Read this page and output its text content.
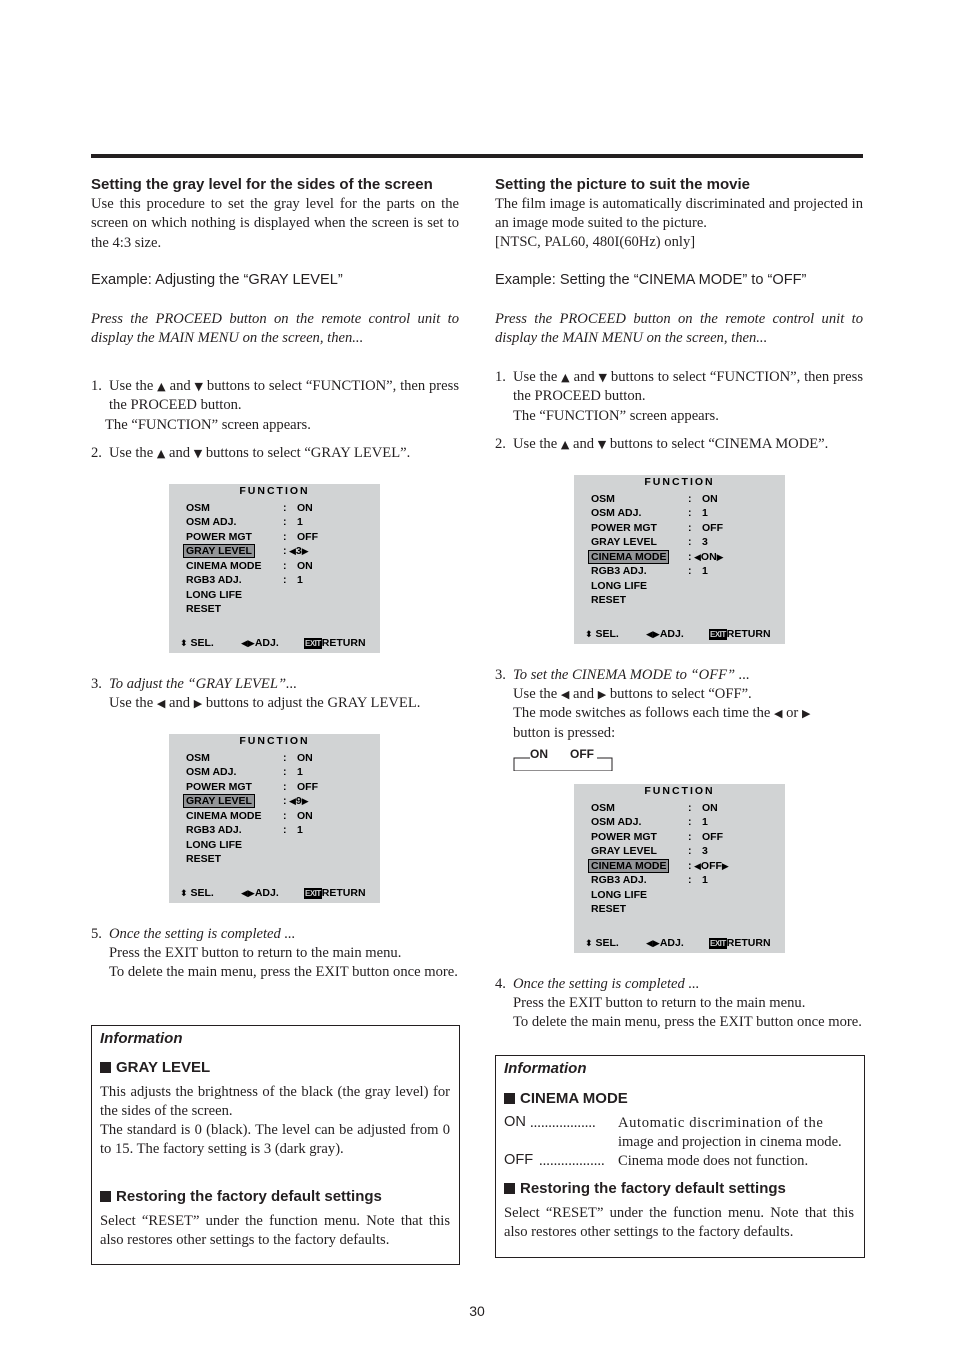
Setting the gray level for the sides of the screen
Use this procedure to set the gray level for the parts on the screen on which nothing is displayed when the screen is set to the 4:3 size.
Example: Adjusting the “GRAY LEVEL”
Press the PROCEED button on the remote control unit to display the MAIN MENU on the screen, then...
1. Use the ▲ and ▼ buttons to select “FUNCTION”, then press the PROCEED button.
The “FUNCTION” screen appears.
2. Use the ▲ and ▼ buttons to select “GRAY LEVEL”.
FUNCTION
OSM	: ON
OSM ADJ.	: 1
POWER MGT	: OFF
GRAY LEVEL	: ◀3▶
CINEMA MODE : ON
RGB3 ADJ.	: 1
LONG LIFE
RESET
⬍ SEL.	◀▶ADJ.	EXITRETURN
3. To adjust the “GRAY LEVEL”...
Use the ◀ and ▶ buttons to adjust the GRAY LEVEL.
FUNCTION
OSM	: ON
OSM ADJ.	: 1
POWER MGT	: OFF
GRAY LEVEL	: ◀9▶
CINEMA MODE : ON
RGB3 ADJ.	: 1
LONG LIFE
RESET
⬍ SEL.	◀▶ADJ.	EXITRETURN
5. Once the setting is completed ...
Press the EXIT button to return to the main menu.
To delete the main menu, press the EXIT button once more.
Information
GRAY LEVEL
This adjusts the brightness of the black (the gray level) for the sides of the screen.
The standard is 0 (black). The level can be adjusted from 0 to 15. The factory setting is 3 (dark gray).
Restoring the factory default settings
Select “RESET” under the function menu. Note that this also restores other settings to the factory defaults.
Setting the picture to suit the movie
The film image is automatically discriminated and projected in an image mode suited to the picture.
[NTSC, PAL60, 480I(60Hz) only]
Example: Setting the “CINEMA MODE” to “OFF”
Press the PROCEED button on the remote control unit to display the MAIN MENU on the screen, then...
1. Use the ▲ and ▼ buttons to select “FUNCTION”, then press the PROCEED button.
The “FUNCTION” screen appears.
2. Use the ▲ and ▼ buttons to select “CINEMA MODE”.
FUNCTION
OSM	: ON
OSM ADJ.	: 1
POWER MGT	: OFF
GRAY LEVEL	: 3
CINEMA MODE : ◀ON▶
RGB3 ADJ.	: 1
LONG LIFE
RESET
⬍ SEL.	◀▶ADJ.	EXITRETURN
3. To set the CINEMA MODE to “OFF” ...
Use the ◀ and ▶ buttons to select “OFF”.
The mode switches as follows each time the ◀ or ▶
button is pressed:
ON OFF
FUNCTION
OSM	: ON
OSM ADJ.	: 1
POWER MGT	: OFF
GRAY LEVEL	: 3
CINEMA MODE : ◀OFF▶
RGB3 ADJ.	: 1
LONG LIFE
RESET
⬍ SEL.	◀▶ADJ.	EXITRETURN
4. Once the setting is completed ...
Press the EXIT button to return to the main menu.
To delete the main menu, press the EXIT button once more.
Information
CINEMA MODE
ON ..................	Automatic discrimination of the
image and projection in cinema mode.
OFF .................. Cinema mode does not function.
Restoring the factory default settings
Select “RESET” under the function menu. Note that this also restores other settings to the factory defaults.
30
